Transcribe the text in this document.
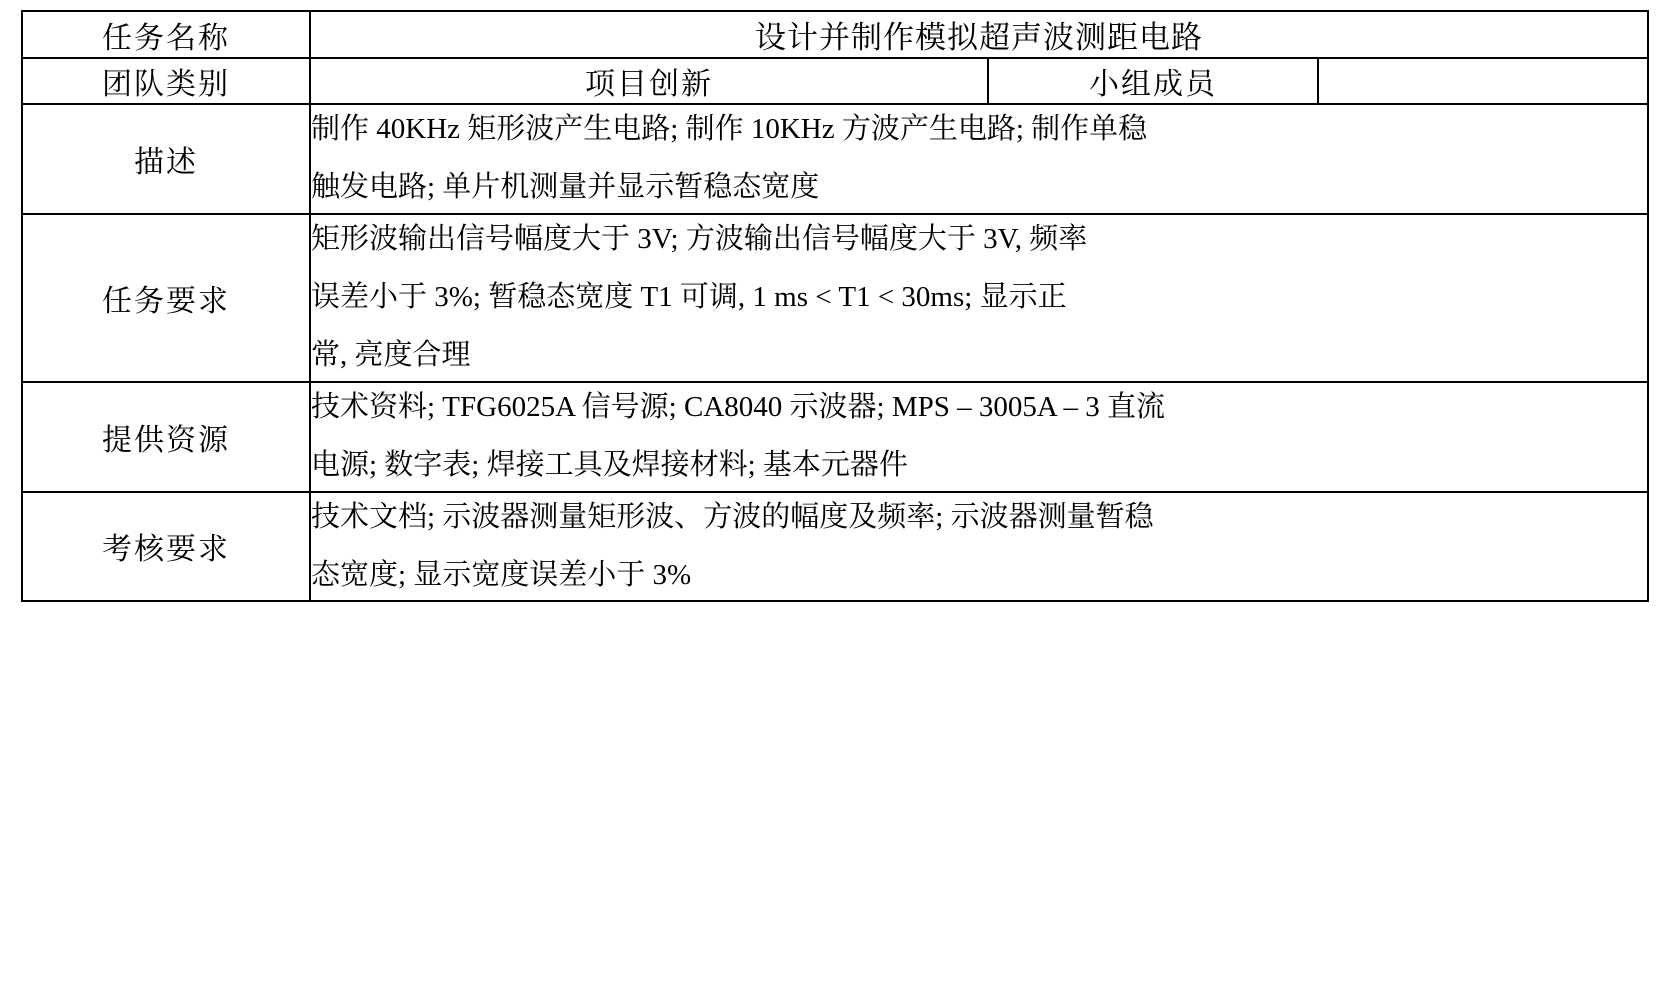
任务名称	设计并制作模拟超声波测距电路		
团队类别	项目创新	小组成员	
描述	制作 40KHz 矩形波产生电路; 制作 10KHz 方波产生电路; 制作单稳

触发电路; 单片机测量并显示暂稳态宽度		

任务要求	矩形波输出信号幅度大于 3V; 方波输出信号幅度大于 3V, 频率

误差小于 3%; 暂稳态宽度 T1 可调, 1 ms < T1 < 30ms; 显示正

常, 亮度合理		

提供资源	技术资料; TFG6025A 信号源; CA8040 示波器; MPS – 3005A – 3 直流

电源; 数字表; 焊接工具及焊接材料; 基本元器件		

考核要求	技术文档; 示波器测量矩形波、方波的幅度及频率; 示波器测量暂稳

态宽度; 显示宽度误差小于 3%		
